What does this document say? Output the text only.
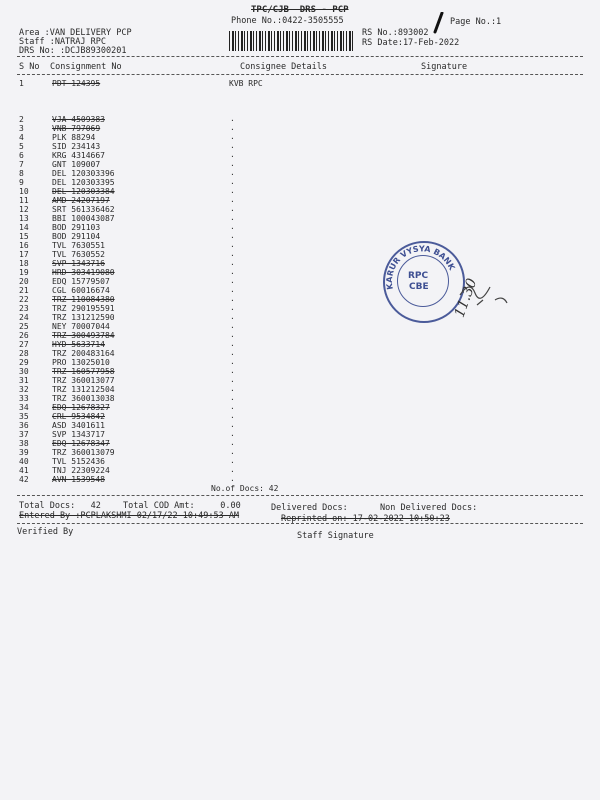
TPC/CJB  DRS - PCP
Phone No.:0422-3505555
Area :VAN DELIVERY PCP
Staff :NATRAJ RPC
DRS No: :DCJB89300201
RS No.:893002
Page No.:1
RS Date:17-Feb-2022
S No Consignment No	Consignee Details	Signature
1	PDT 124395	KVB RPC
2	VJA 4509383	.
3	VNB 797069	.
4	PLK 88294	.
5	SID 234143	.
6	KRG 4314667	.
7	GNT 109007	.
8	DEL 120303396	.
9	DEL 120303395	.
10	DEL 120303384	.
11	AMD 24207197	.
12	SRT 561336462	.
13	BBI 100043087	.
14	BOD 291103	.
15	BOD 291104	.
16	TVL 7630551	.
17	TVL 7630552	.
18	SVP 1343716	.
19	HRD 303419080	.
20	EDQ 15779507	.
21	CGL 60016674	.
22	TRZ 110084380	.
23	TRZ 290195591	.
24	TRZ 131212590	.
25	NEY 70007044	.
26	TRZ 300493784	.
27	HYD 5633714	.
28	TRZ 200483164	.
29	PRO 13025010	.
30	TRZ 160577958	.
31	TRZ 360013077	.
32	TRZ 131212504	.
33	TRZ 360013038	.
34	EDQ 12678327	.
35	CRL 9534842	.
36	ASD 3401611	.
37	SVP 1343717	.
38	EDQ 12678347	.
39	TRZ 360013079	.
40	TVL 5152436	.
41	TNJ 22309224	.
42	AVN 1539548	.
No.of Docs: 42
Total Docs:   42	Total COD Amt:     0.00	Delivered Docs:	Non Delivered Docs:
Entered By :PCPLAKSHMI 02/17/22 10:49:53 AM	Reprinted on: 17-02-2022 10:50:23
Verified By	Staff Signature
KARUR VYSYA BANK
RPC
CBE 11.30
